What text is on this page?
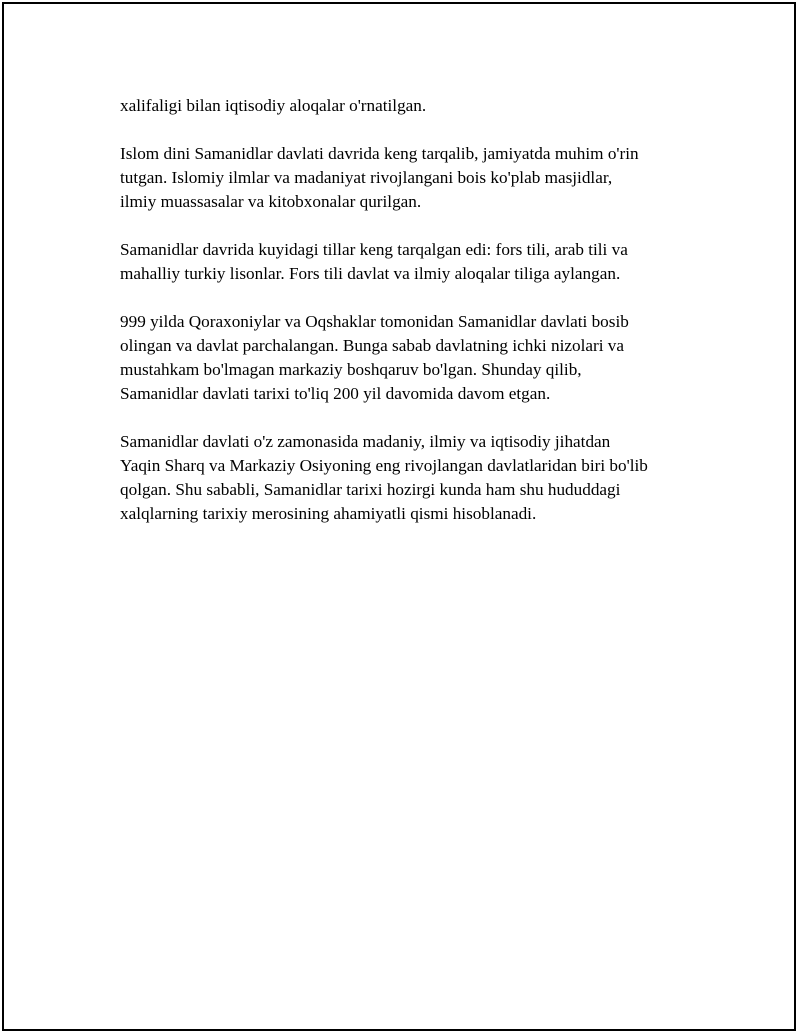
xalifaligi bilan iqtisodiy aloqalar o'rnatilgan.

Islom dini Samanidlar davlati davrida keng tarqalib, jamiyatda muhim o'rin
tutgan. Islomiy ilmlar va madaniyat rivojlangani bois ko'plab masjidlar,
ilmiy muassasalar va kitobxonalar qurilgan.

Samanidlar davrida kuyidagi tillar keng tarqalgan edi: fors tili, arab tili va
mahalliy turkiy lisonlar. Fors tili davlat va ilmiy aloqalar tiliga aylangan.

999 yilda Qoraxoniylar va Oqshaklar tomonidan Samanidlar davlati bosib
olingan va davlat parchalangan. Bunga sabab davlatning ichki nizolari va
mustahkam bo'lmagan markaziy boshqaruv bo'lgan. Shunday qilib,
Samanidlar davlati tarixi to'liq 200 yil davomida davom etgan.

Samanidlar davlati o'z zamonasida madaniy, ilmiy va iqtisodiy jihatdan
Yaqin Sharq va Markaziy Osiyoning eng rivojlangan davlatlaridan biri bo'lib
qolgan. Shu sababli, Samanidlar tarixi hozirgi kunda ham shu hududdagi
xalqlarning tarixiy merosining ahamiyatli qismi hisoblanadi.
